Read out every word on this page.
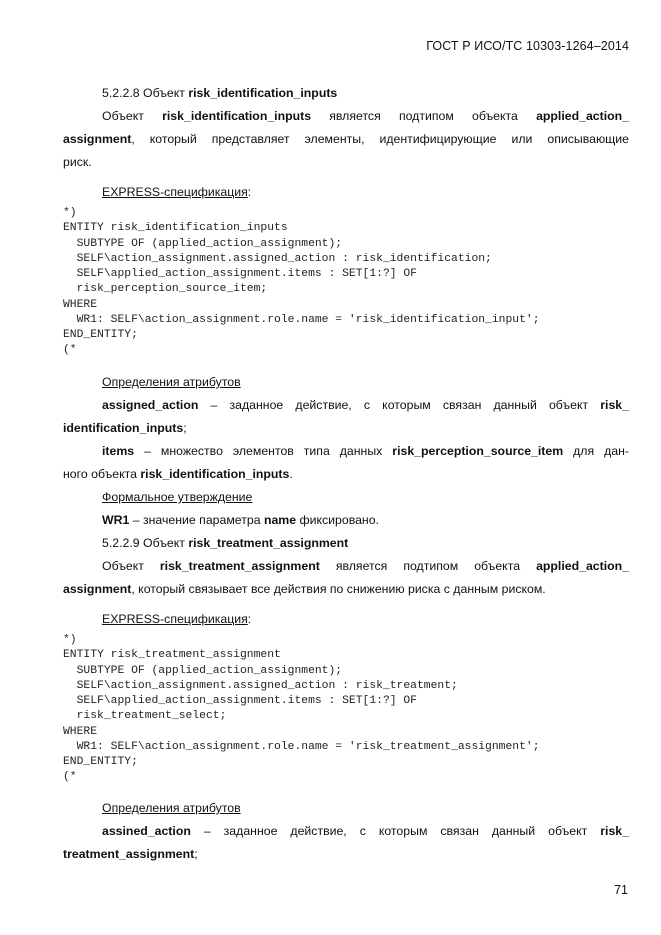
ГОСТ Р ИСО/ТС 10303-1264–2014
5.2.2.8 Объект risk_identification_inputs
Объект risk_identification_inputs является подтипом объекта applied_action_
assignment, который представляет элементы, идентифицирующие или описывающие
риск.
EXPRESS-спецификация:
*)
ENTITY risk_identification_inputs
SUBTYPE OF (applied_action_assignment);
SELF\action_assignment.assigned_action : risk_identification;
SELF\applied_action_assignment.items : SET[1:?] OF
risk_perception_source_item;
WHERE
WR1: SELF\action_assignment.role.name = 'risk_identification_input';
END_ENTITY;
(*
Определения атрибутов
assigned_action – заданное действие, с которым связан данный объект risk_
identification_inputs;
items – множество элементов типа данных risk_perception_source_item для дан-
ного объекта risk_identification_inputs.
Формальное утверждение
WR1 – значение параметра name фиксировано.
5.2.2.9 Объект risk_treatment_assignment
Объект risk_treatment_assignment является подтипом объекта applied_action_
assignment, который связывает все действия по снижению риска с данным риском.
EXPRESS-спецификация:
*)
ENTITY risk_treatment_assignment
SUBTYPE OF (applied_action_assignment);
SELF\action_assignment.assigned_action : risk_treatment;
SELF\applied_action_assignment.items : SET[1:?] OF
risk_treatment_select;
WHERE
WR1: SELF\action_assignment.role.name = 'risk_treatment_assignment';
END_ENTITY;
(*
Определения атрибутов
assined_action – заданное действие, с которым связан данный объект risk_
treatment_assignment;
71
